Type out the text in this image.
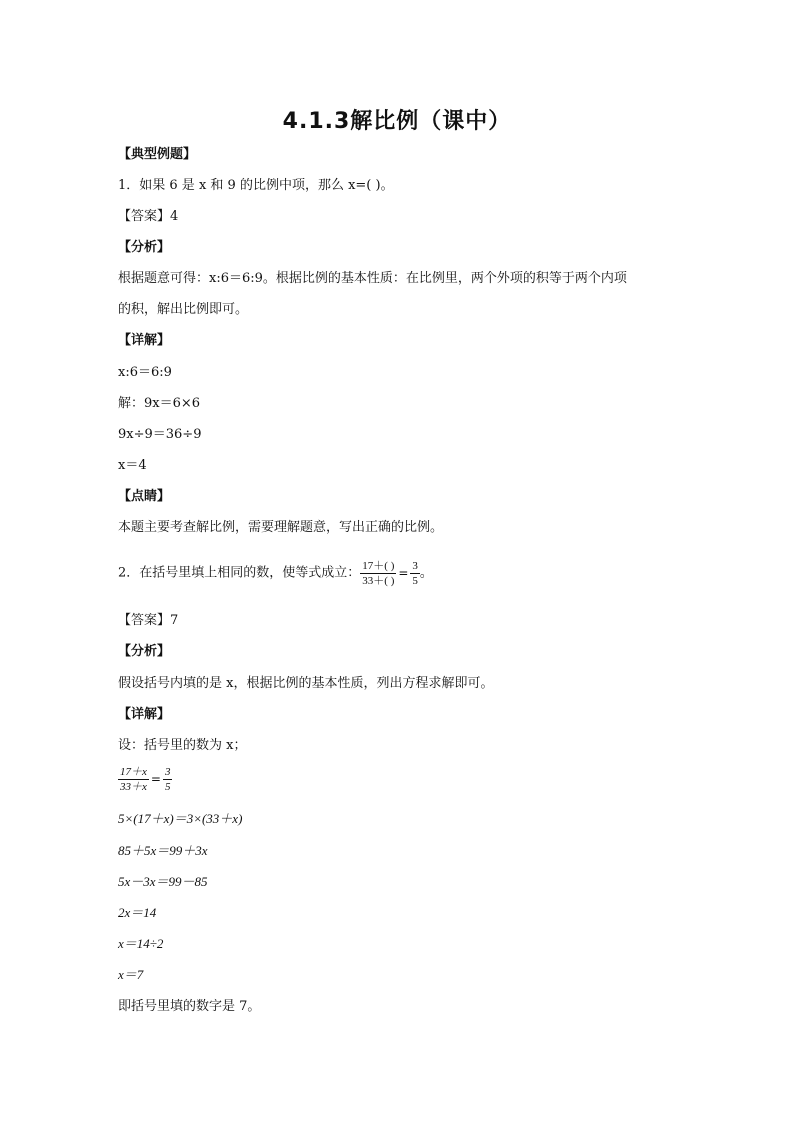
4.1.3解比例（课中）
【典型例题】
1．如果 6 是 x 和 9 的比例中项，那么 x=( )。
【答案】4
【分析】
根据题意可得：x:6＝6:9。根据比例的基本性质：在比例里，两个外项的积等于两个内项
的积，解出比例即可。
【详解】
x:6＝6:9
解：9x＝6×6
9x÷9＝36÷9
x＝4
【点睛】
本题主要考查解比例，需要理解题意，写出正确的比例。
2．在括号里填上相同的数，使等式成立： $\frac{17+( )}{33+( )} = \frac{3}{5}$ 。
【答案】7
【分析】
假设括号内填的是 x，根据比例的基本性质，列出方程求解即可。
【详解】
设：括号里的数为 x；
$\frac{17+x}{33+x} = \frac{3}{5}$
5×(17＋x)＝3×(33＋x)
85＋5x＝99＋3x
5x－3x＝99－85
2x＝14
x＝14÷2
x＝7
即括号里填的数字是 7。
